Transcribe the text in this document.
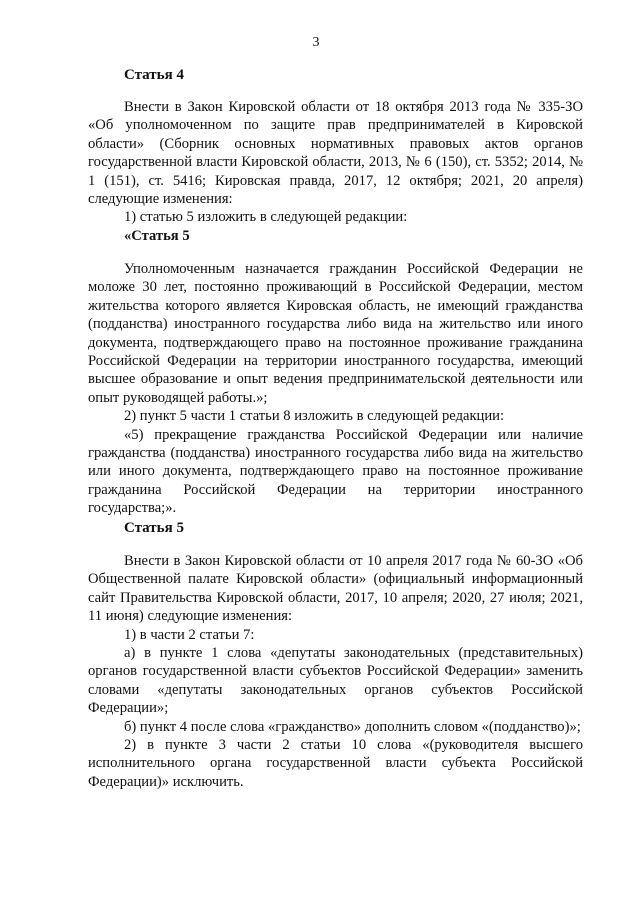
3
Статья 4

Внести в Закон Кировской области от 18 октября 2013 года № 335-ЗО «Об уполномоченном по защите прав предпринимателей в Кировской области» (Сборник основных нормативных правовых актов органов государственной власти Кировской области, 2013, № 6 (150), ст. 5352; 2014, № 1 (151), ст. 5416; Кировская правда, 2017, 12 октября; 2021, 20 апреля) следующие изменения:

1) статью 5 изложить в следующей редакции:

«Статья 5

Уполномоченным назначается гражданин Российской Федерации не моложе 30 лет, постоянно проживающий в Российской Федерации, местом жительства которого является Кировская область, не имеющий гражданства (подданства) иностранного государства либо вида на жительство или иного документа, подтверждающего право на постоянное проживание гражданина Российской Федерации на территории иностранного государства, имеющий высшее образование и опыт ведения предпринимательской деятельности или опыт руководящей работы.»;

2) пункт 5 части 1 статьи 8 изложить в следующей редакции:

«5) прекращение гражданства Российской Федерации или наличие гражданства (подданства) иностранного государства либо вида на жительство или иного документа, подтверждающего право на постоянное проживание гражданина Российской Федерации на территории иностранного государства;».

Статья 5

Внести в Закон Кировской области от 10 апреля 2017 года № 60-ЗО «Об Общественной палате Кировской области» (официальный информационный сайт Правительства Кировской области, 2017, 10 апреля; 2020, 27 июля; 2021, 11 июня) следующие изменения:

1) в части 2 статьи 7:

а) в пункте 1 слова «депутаты законодательных (представительных) органов государственной власти субъектов Российской Федерации» заменить словами «депутаты законодательных органов субъектов Российской Федерации»;

б) пункт 4 после слова «гражданство» дополнить словом «(подданство)»;

2) в пункте 3 части 2 статьи 10 слова «(руководителя высшего исполнительного органа государственной власти субъекта Российской Федерации)» исключить.
